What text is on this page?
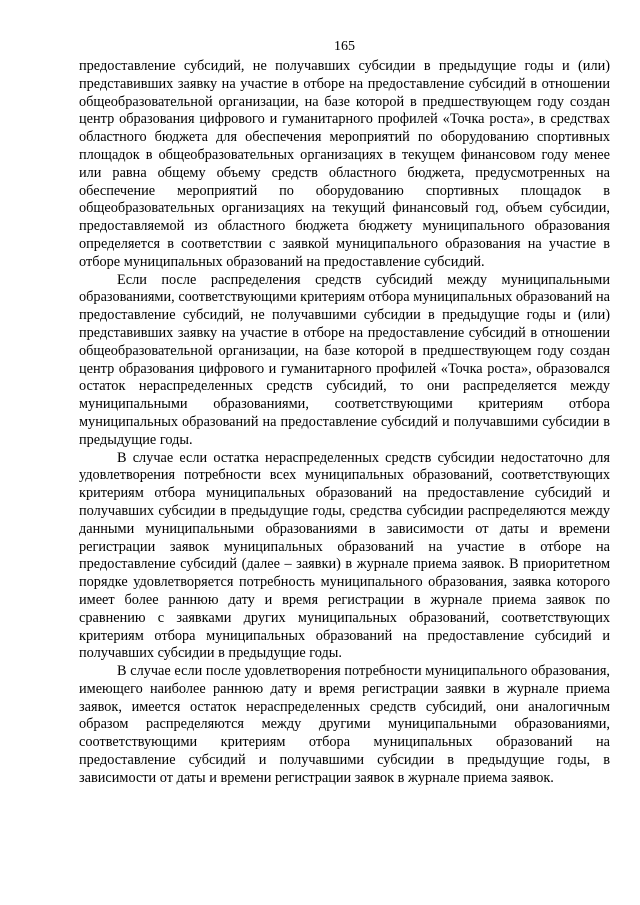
165

предоставление субсидий, не получавших субсидии в предыдущие годы и (или) представивших заявку на участие в отборе на предоставление субсидий в отношении общеобразовательной организации, на базе которой в предшествующем году создан центр образования цифрового и гуманитарного профилей «Точка роста», в средствах областного бюджета для обеспечения мероприятий по оборудованию спортивных площадок в общеобразовательных организациях в текущем финансовом году менее или равна общему объему средств областного бюджета, предусмотренных на обеспечение мероприятий по оборудованию спортивных площадок в общеобразовательных организациях на текущий финансовый год, объем субсидии, предоставляемой из областного бюджета бюджету муниципального образования определяется в соответствии с заявкой муниципального образования на участие в отборе муниципальных образований на предоставление субсидий.

Если после распределения средств субсидий между муниципальными образованиями, соответствующими критериям отбора муниципальных образований на предоставление субсидий, не получавшими субсидии в предыдущие годы и (или) представивших заявку на участие в отборе на предоставление субсидий в отношении общеобразовательной организации, на базе которой в предшествующем году создан центр образования цифрового и гуманитарного профилей «Точка роста», образовался остаток нераспределенных средств субсидий, то они распределяется между муниципальными образованиями, соответствующими критериям отбора муниципальных образований на предоставление субсидий и получавшими субсидии в предыдущие годы.

В случае если остатка нераспределенных средств субсидии недостаточно для удовлетворения потребности всех муниципальных образований, соответствующих критериям отбора муниципальных образований на предоставление субсидий и получавших субсидии в предыдущие годы, средства субсидии распределяются между данными муниципальными образованиями в зависимости от даты и времени регистрации заявок муниципальных образований на участие в отборе на предоставление субсидий (далее – заявки) в журнале приема заявок. В приоритетном порядке удовлетворяется потребность муниципального образования, заявка которого имеет более раннюю дату и время регистрации в журнале приема заявок по сравнению с заявками других муниципальных образований, соответствующих критериям отбора муниципальных образований на предоставление субсидий и получавших субсидии в предыдущие годы.

В случае если после удовлетворения потребности муниципального образования, имеющего наиболее раннюю дату и время регистрации заявки в журнале приема заявок, имеется остаток нераспределенных средств субсидий, они аналогичным образом распределяются между другими муниципальными образованиями, соответствующими критериям отбора муниципальных образований на предоставление субсидий и получавшими субсидии в предыдущие годы, в зависимости от даты и времени регистрации заявок в журнале приема заявок.
